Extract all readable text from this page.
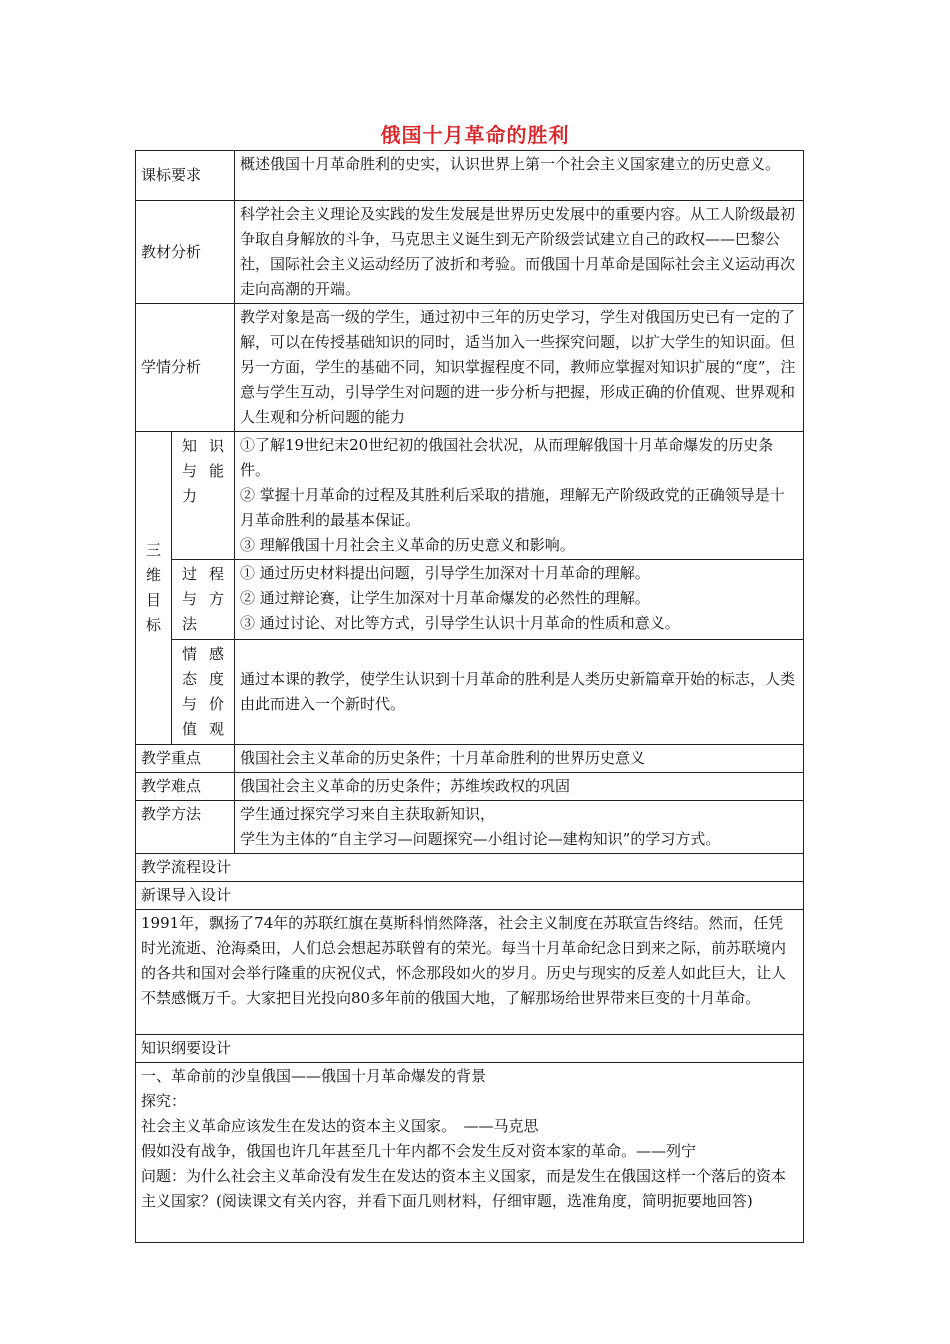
俄国十月革命的胜利
课标要求		概述俄国十月革命胜利的史实，认识世界上第一个社会主义国家建立的历史意义。
教材分析		科学社会主义理论及实践的发生发展是世界历史发展中的重要内容。从工人阶级最初争取自身解放的斗争，马克思主义诞生到无产阶级尝试建立自己的政权——巴黎公社，国际社会主义运动经历了波折和考验。而俄国十月革命是国际社会主义运动再次走向高潮的开端。
学情分析		教学对象是高一级的学生，通过初中三年的历史学习，学生对俄国历史已有一定的了解，可以在传授基础知识的同时，适当加入一些探究问题，以扩大学生的知识面。但另一方面，学生的基础不同，知识掌握程度不同，教师应掌握对知识扩展的“度”，注意与学生互动，引导学生对问题的进一步分析与把握，形成正确的价值观、世界观和人生观和分析问题的能力

三
维
目
标	知识与能力	①了解19世纪末20世纪初的俄国社会状况，从而理解俄国十月革命爆发的历史条件。
② 掌握十月革命的过程及其胜利后采取的措施，理解无产阶级政党的正确领导是十月革命胜利的最基本保证。
③ 理解俄国十月社会主义革命的历史意义和影响。

	过程与方法	① 通过历史材料提出问题，引导学生加深对十月革命的理解。
② 通过辩论赛，让学生加深对十月革命爆发的必然性的理解。
③ 通过讨论、对比等方式，引导学生认识十月革命的性质和意义。

	情感态度与价值观	通过本课的教学，使学生认识到十月革命的胜利是人类历史新篇章开始的标志，人类由此而进入一个新时代。
教学重点		俄国社会主义革命的历史条件；十月革命胜利的世界历史意义
教学难点		俄国社会主义革命的历史条件；苏维埃政权的巩固
教学方法		学生通过探究学习来自主获取新知识，
学生为主体的“自主学习—问题探究—小组讨论—建构知识”的学习方式。

教学流程设计		
新课导入设计		
1991年，飘扬了74年的苏联红旗在莫斯科悄然降落，社会主义制度在苏联宣告终结。然而，任凭时光流逝、沧海桑田，人们总会想起苏联曾有的荣光。每当十月革命纪念日到来之际，前苏联境内的各共和国对会举行隆重的庆祝仪式，怀念那段如火的岁月。历史与现实的反差人如此巨大，让人不禁感慨万千。大家把目光投向80多年前的俄国大地，了解那场给世界带来巨变的十月革命。		
知识纲要设计		

一、革命前的沙皇俄国——俄国十月革命爆发的背景
探究：
社会主义革命应该发生在发达的资本主义国家。　——马克思
假如没有战争，俄国也许几年甚至几十年内都不会发生反对资本家的革命。——列宁
问题：为什么社会主义革命没有发生在发达的资本主义国家，而是发生在俄国这样一个落后的资本主义国家？(阅读课文有关内容，并看下面几则材料，仔细审题，选准角度，简明扼要地回答)		
